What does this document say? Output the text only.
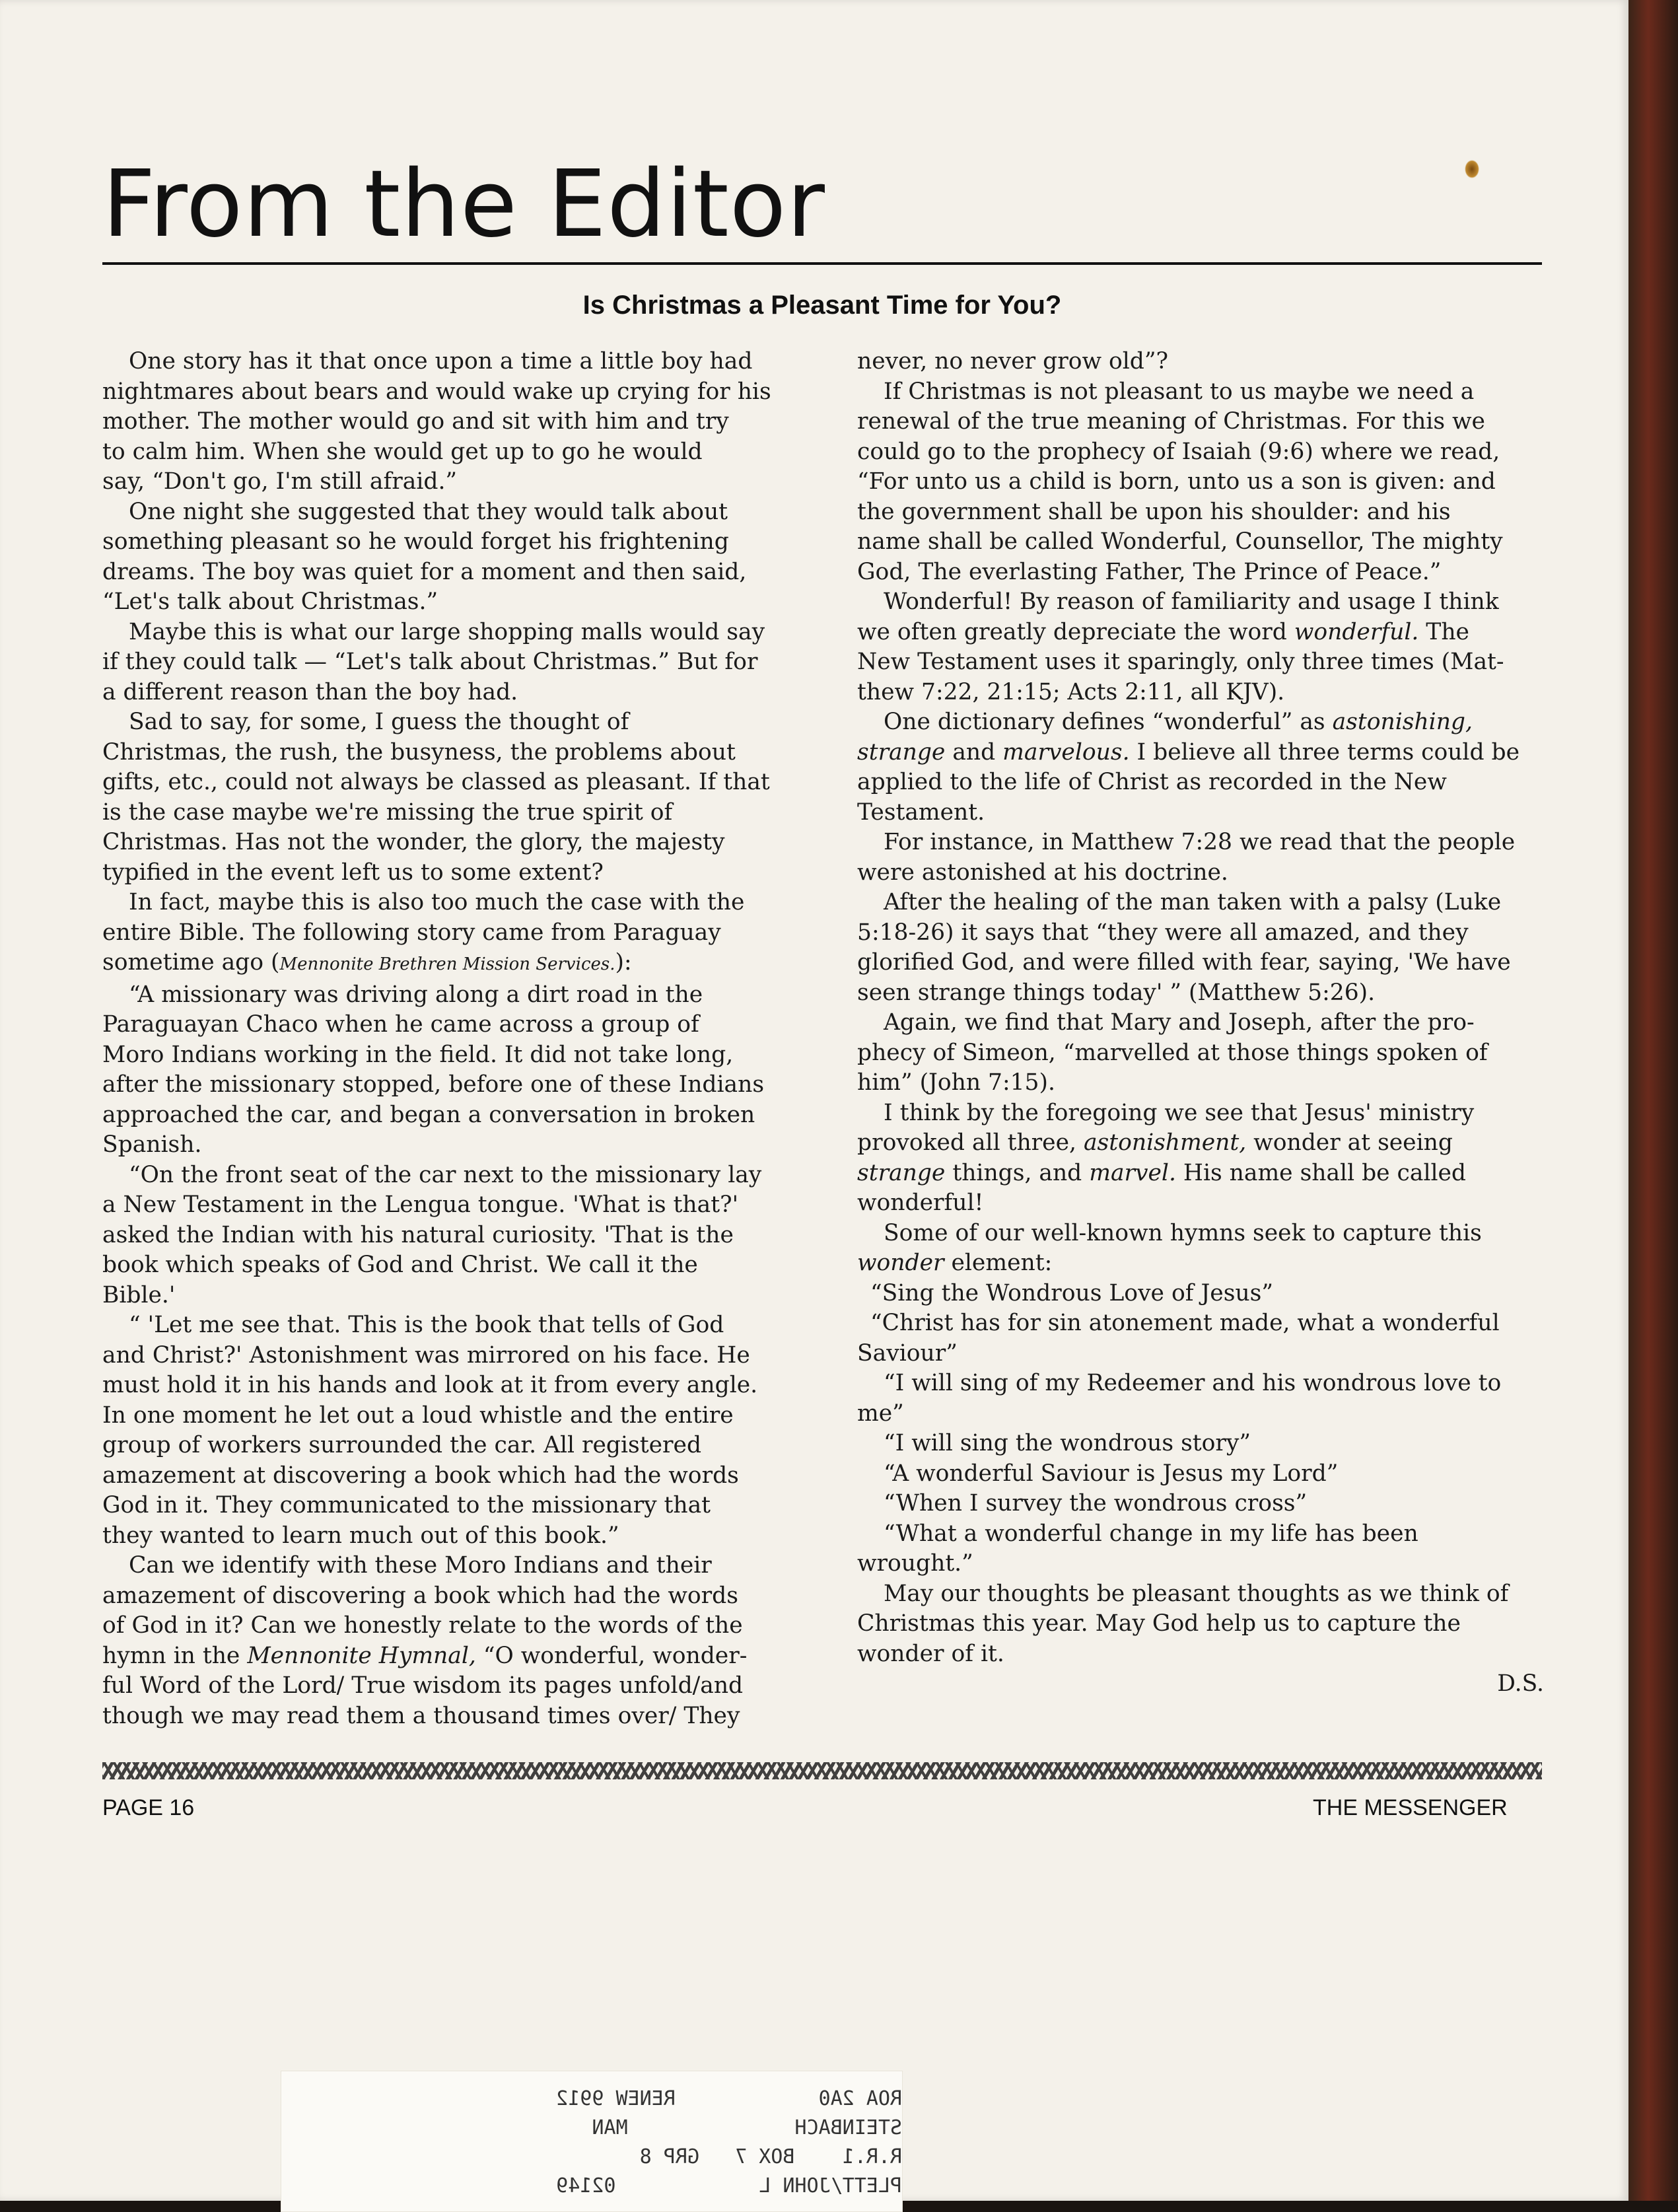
From the Editor
Is Christmas a Pleasant Time for You?

One story has it that once upon a time a little boy had

nightmares about bears and would wake up crying for his

mother. The mother would go and sit with him and try

to calm him. When she would get up to go he would

say, “Don't go, I'm still afraid.”

One night she suggested that they would talk about

something pleasant so he would forget his frightening

dreams. The boy was quiet for a moment and then said,

“Let's talk about Christmas.”

Maybe this is what our large shopping malls would say

if they could talk — “Let's talk about Christmas.” But for

a different reason than the boy had.

Sad to say, for some, I guess the thought of

Christmas, the rush, the busyness, the problems about

gifts, etc., could not always be classed as pleasant. If that

is the case maybe we're missing the true spirit of

Christmas. Has not the wonder, the glory, the majesty

typified in the event left us to some extent?

In fact, maybe this is also too much the case with the

entire Bible. The following story came from Paraguay

sometime ago (Mennonite Brethren Mission Services.):

“A missionary was driving along a dirt road in the

Paraguayan Chaco when he came across a group of

Moro Indians working in the field. It did not take long,

after the missionary stopped, before one of these Indians

approached the car, and began a conversation in broken

Spanish.

“On the front seat of the car next to the missionary lay

a New Testament in the Lengua tongue. 'What is that?'

asked the Indian with his natural curiosity. 'That is the

book which speaks of God and Christ. We call it the

Bible.'

“ 'Let me see that. This is the book that tells of God

and Christ?' Astonishment was mirrored on his face. He

must hold it in his hands and look at it from every angle.

In one moment he let out a loud whistle and the entire

group of workers surrounded the car. All registered

amazement at discovering a book which had the words

God in it. They communicated to the missionary that

they wanted to learn much out of this book.”

Can we identify with these Moro Indians and their

amazement of discovering a book which had the words

of God in it? Can we honestly relate to the words of the

hymn in the Mennonite Hymnal, “O wonderful, wonder-

ful Word of the Lord/ True wisdom its pages unfold/and

though we may read them a thousand times over/ They

never, no never grow old”?

If Christmas is not pleasant to us maybe we need a

renewal of the true meaning of Christmas. For this we

could go to the prophecy of Isaiah (9:6) where we read,

“For unto us a child is born, unto us a son is given: and

the government shall be upon his shoulder: and his

name shall be called Wonderful, Counsellor, The mighty

God, The everlasting Father, The Prince of Peace.”

Wonderful! By reason of familiarity and usage I think

we often greatly depreciate the word wonderful. The

New Testament uses it sparingly, only three times (Mat-

thew 7:22, 21:15; Acts 2:11, all KJV).

One dictionary defines “wonderful” as astonishing,

strange and marvelous. I believe all three terms could be

applied to the life of Christ as recorded in the New

Testament.

For instance, in Matthew 7:28 we read that the people

were astonished at his doctrine.

After the healing of the man taken with a palsy (Luke

5:18-26) it says that “they were all amazed, and they

glorified God, and were filled with fear, saying, 'We have

seen strange things today' ” (Matthew 5:26).

Again, we find that Mary and Joseph, after the pro-

phecy of Simeon, “marvelled at those things spoken of

him” (John 7:15).

I think by the foregoing we see that Jesus' ministry

provoked all three, astonishment, wonder at seeing

strange things, and marvel. His name shall be called

wonderful!

Some of our well-known hymns seek to capture this

wonder element:

“Sing the Wondrous Love of Jesus”

“Christ has for sin atonement made, what a wonderful

Saviour”

“I will sing of my Redeemer and his wondrous love to

me”

“I will sing the wondrous story”

“A wonderful Saviour is Jesus my Lord”

“When I survey the wondrous cross”

“What a wonderful change in my life has been

wrought.”

May our thoughts be pleasant thoughts as we think of

Christmas this year. May God help us to capture the

wonder of it.

D.S.

PAGE 16	THE MESSENGER
ROA 2A0            RENEW 9912
STEINBACH              MAN
R.R.1    BOX 7   GRP 8
PLETT/JOHN L            02149
